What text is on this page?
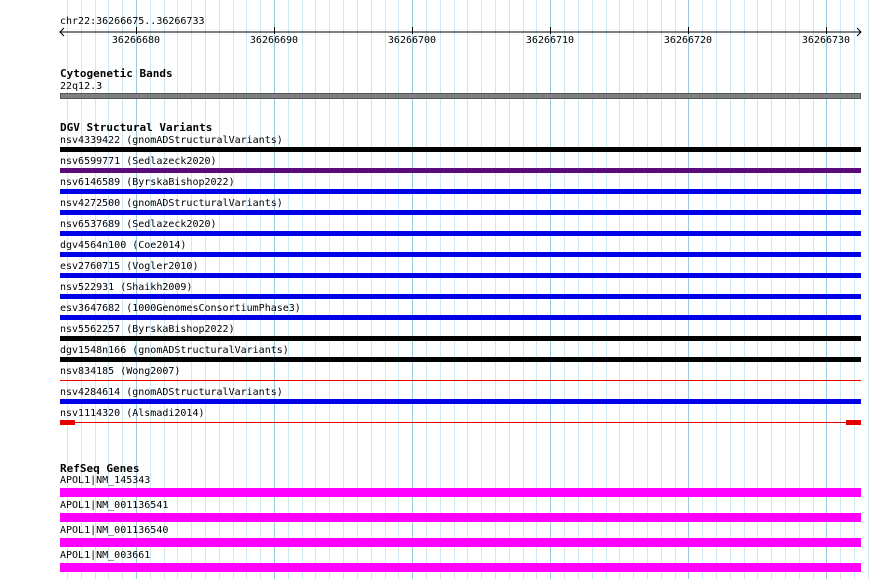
chr22:36266675..36266733
36266680	36266690	36266700	36266710	36266720	36266730
Cytogenetic Bands
22q12.3
DGV Structural Variants
nsv4339422 (gnomADStructuralVariants)
nsv6599771 (Sedlazeck2020)
nsv6146589 (ByrskaBishop2022)
nsv4272500 (gnomADStructuralVariants)
nsv6537689 (Sedlazeck2020)
dgv4564n100 (Coe2014)
esv2760715 (Vogler2010)
nsv522931 (Shaikh2009)
esv3647682 (1000GenomesConsortiumPhase3)
nsv5562257 (ByrskaBishop2022)
dgv1548n166 (gnomADStructuralVariants)
nsv834185 (Wong2007)
nsv4284614 (gnomADStructuralVariants)
nsv1114320 (Alsmadi2014)
RefSeq Genes
APOL1|NM_145343
APOL1|NM_001136541
APOL1|NM_001136540
APOL1|NM_003661
